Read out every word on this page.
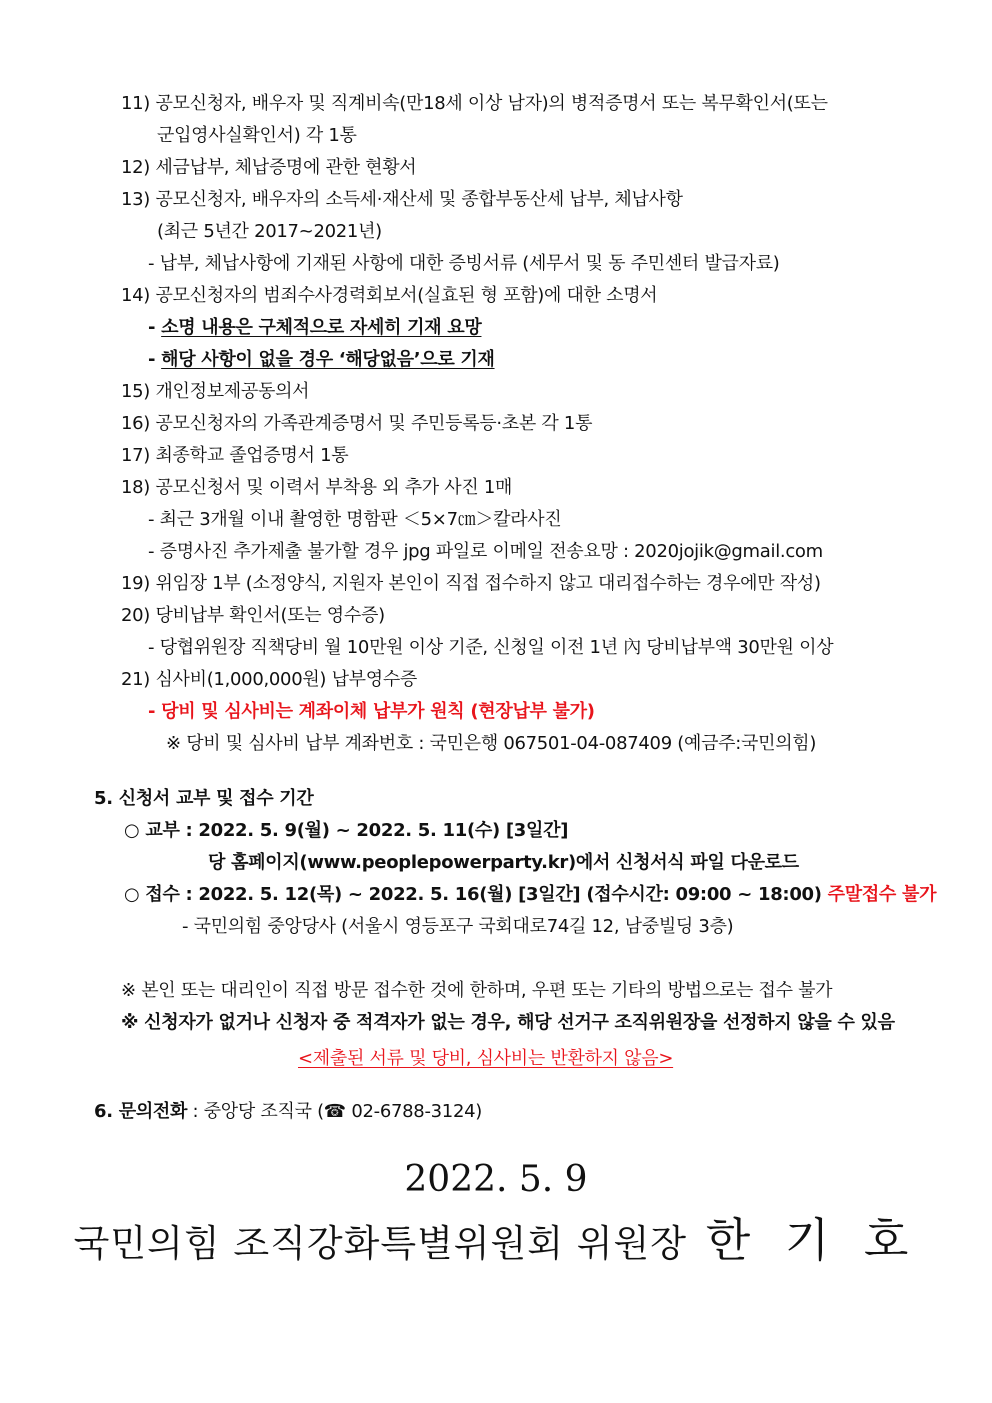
11) 공모신청자, 배우자 및 직계비속(만18세 이상 남자)의 병적증명서 또는 복무확인서(또는
군입영사실확인서) 각 1통
12) 세금납부, 체납증명에 관한 현황서
13) 공모신청자, 배우자의 소득세·재산세 및 종합부동산세 납부, 체납사항
(최근 5년간 2017~2021년)
- 납부, 체납사항에 기재된 사항에 대한 증빙서류 (세무서 및 동 주민센터 발급자료)
14) 공모신청자의 범죄수사경력회보서(실효된 형 포함)에 대한 소명서
- 소명 내용은 구체적으로 자세히 기재 요망
- 해당 사항이 없을 경우 ‘해당없음’으로 기재
15) 개인정보제공동의서
16) 공모신청자의 가족관계증명서 및 주민등록등·초본 각 1통
17) 최종학교 졸업증명서 1통
18) 공모신청서 및 이력서 부착용 외 추가 사진 1매
- 최근 3개월 이내 촬영한 명함판 ＜5×7㎝＞칼라사진
- 증명사진 추가제출 불가할 경우 jpg 파일로 이메일 전송요망 : 2020jojik@gmail.com
19) 위임장 1부 (소정양식, 지원자 본인이 직접 접수하지 않고 대리접수하는 경우에만 작성)
20) 당비납부 확인서(또는 영수증)
- 당협위원장 직책당비 월 10만원 이상 기준, 신청일 이전 1년 內 당비납부액 30만원 이상
21) 심사비(1,000,000원) 납부영수증
- 당비 및 심사비는 계좌이체 납부가 원칙 (현장납부 불가)
※ 당비 및 심사비 납부 계좌번호 : 국민은행 067501-04-087409 (예금주:국민의힘)
5. 신청서 교부 및 접수 기간
○ 교부 : 2022. 5. 9(월) ~ 2022. 5. 11(수) [3일간]
당 홈페이지(www.peoplepowerparty.kr)에서 신청서식 파일 다운로드
○ 접수 : 2022. 5. 12(목) ~ 2022. 5. 16(월) [3일간] (접수시간: 09:00 ~ 18:00) 주말접수 불가
- 국민의힘 중앙당사 (서울시 영등포구 국회대로74길 12, 남중빌딩 3층)
※ 본인 또는 대리인이 직접 방문 접수한 것에 한하며, 우편 또는 기타의 방법으로는 접수 불가
※ 신청자가 없거나 신청자 중 적격자가 없는 경우, 해당 선거구 조직위원장을 선정하지 않을 수 있음
<제출된 서류 및 당비, 심사비는 반환하지 않음>
6. 문의전화 : 중앙당 조직국 (☎ 02-6788-3124)
2022. 5. 9
국민의힘 조직강화특별위원회 위원장 한 기 호
